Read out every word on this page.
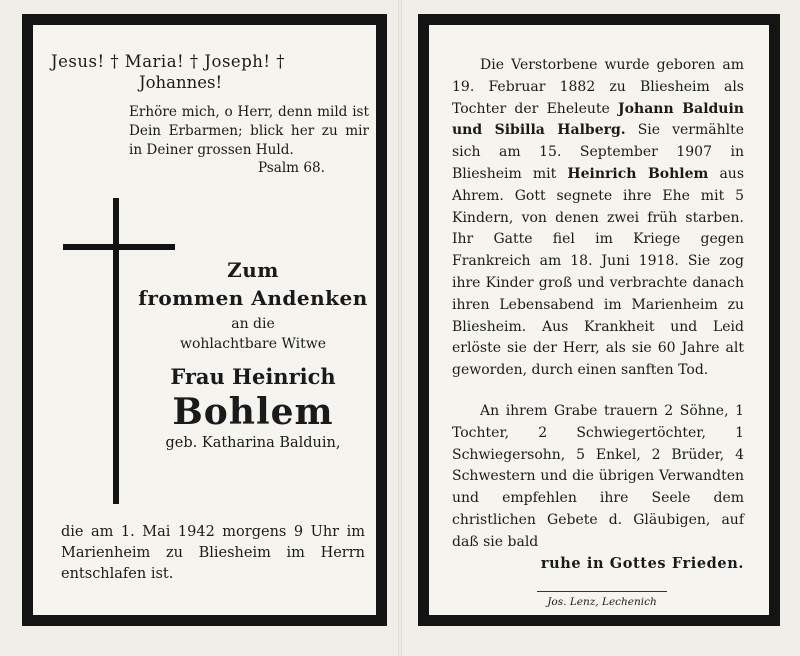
Jesus! † Maria! † Joseph! †
Johannes!
Erhöre mich, o Herr, denn mild ist Dein Erbarmen; blick her zu mir in Deiner grossen Huld.
Psalm 68.
Zum
frommen Andenken
an die
wohlachtbare Witwe
Frau Heinrich
Bohlem
geb. Katharina Balduin,
die am 1. Mai 1942 morgens 9 Uhr im Marienheim zu Bliesheim im Herrn entschlafen ist.
Die Verstorbene wurde geboren am 19. Februar 1882 zu Bliesheim als Tochter der Eheleute Johann Balduin und Sibilla Halberg. Sie vermählte sich am 15. September 1907 in Bliesheim mit Heinrich Bohlem aus Ahrem. Gott segnete ihre Ehe mit 5 Kindern, von denen zwei früh starben. Ihr Gatte fiel im Kriege gegen Frankreich am 18. Juni 1918. Sie zog ihre Kinder groß und verbrachte danach ihren Lebensabend im Marienheim zu Bliesheim. Aus Krankheit und Leid erlöste sie der Herr, als sie 60 Jahre alt geworden, durch einen sanften Tod.
An ihrem Grabe trauern 2 Söhne, 1 Tochter, 2 Schwiegertöchter, 1 Schwiegersohn, 5 Enkel, 2 Brüder, 4 Schwestern und die übrigen Verwandten und empfehlen ihre Seele dem christlichen Gebete d. Gläubigen, auf daß sie bald
ruhe in Gottes Frieden.
Jos. Lenz, Lechenich
